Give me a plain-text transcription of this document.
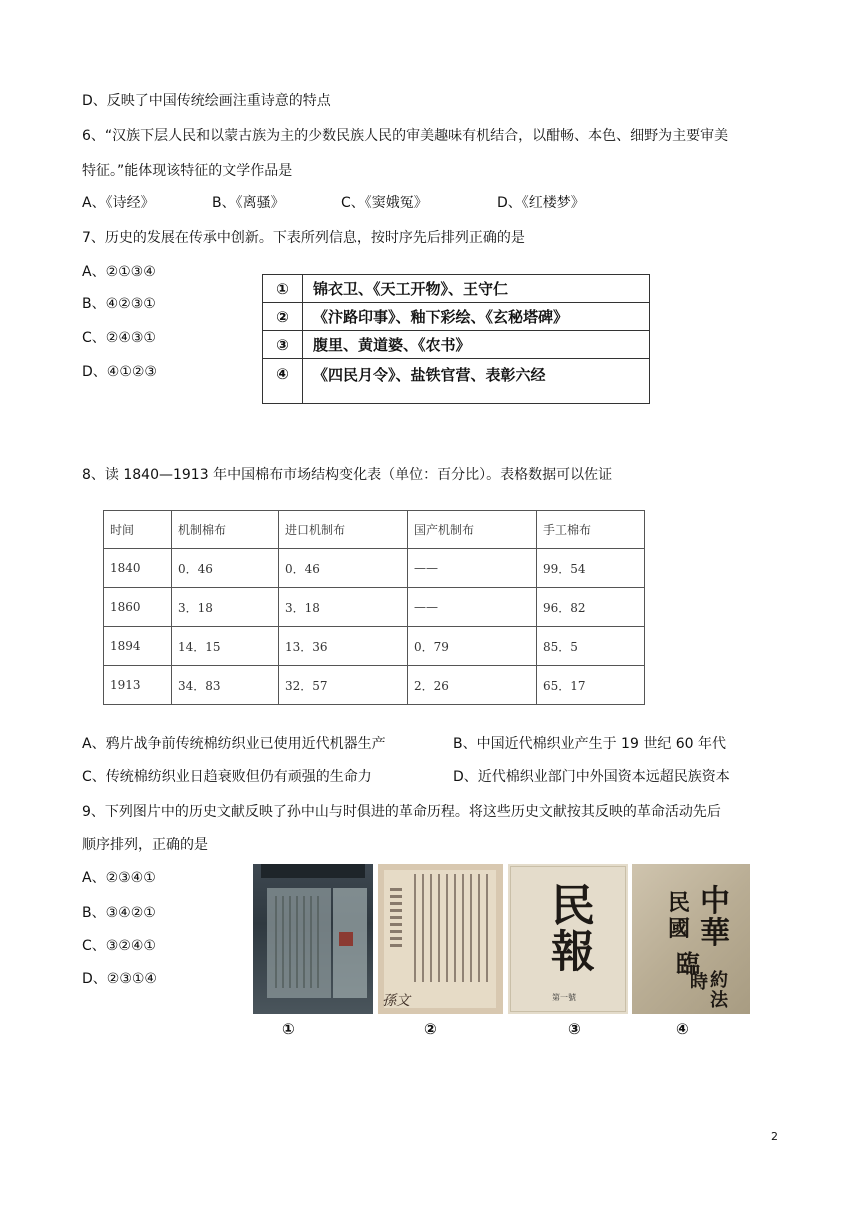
D、反映了中国传统绘画注重诗意的特点
6、“汉族下层人民和以蒙古族为主的少数民族人民的审美趣味有机结合，以酣畅、本色、细野为主要审美
特征。”能体现该特征的文学作品是
A、《诗经》	B、《离骚》	C、《窦娥冤》	D、《红楼梦》
7、历史的发展在传承中创新。下表所列信息，按时序先后排列正确的是
A、②①③④
B、④②③①
C、②④③①
D、④①②③
①	锦衣卫、《天工开物》、王守仁
②	《汴路印事》、釉下彩绘、《玄秘塔碑》
③	腹里、黄道婆、《农书》
④	《四民月令》、盐铁官营、表彰六经
8、读 1840—1913 年中国棉布市场结构变化表（单位：百分比）。表格数据可以佐证
时间	机制棉布	进口机制布	国产机制布	手工棉布
1840	0．46	0．46	——	99．54
1860	3．18	3．18	——	96．82
1894	14．15	13．36	0．79	85．5
1913	34．83	32．57	2．26	65．17
A、鸦片战争前传统棉纺织业已使用近代机器生产	B、中国近代棉织业产生于 19 世纪 60 年代
C、传统棉纺织业日趋衰败但仍有顽强的生命力	D、近代棉织业部门中外国资本远超民族资本
9、下列图片中的历史文献反映了孙中山与时俱进的革命历程。将这些历史文献按其反映的革命活动先后
顺序排列，正确的是
A、②③④①
B、③④②①
C、③②④①
D、②③①④
孫文
民報
第一號
中
華
民
國
臨
時 約
法
①	②	③	④
2
